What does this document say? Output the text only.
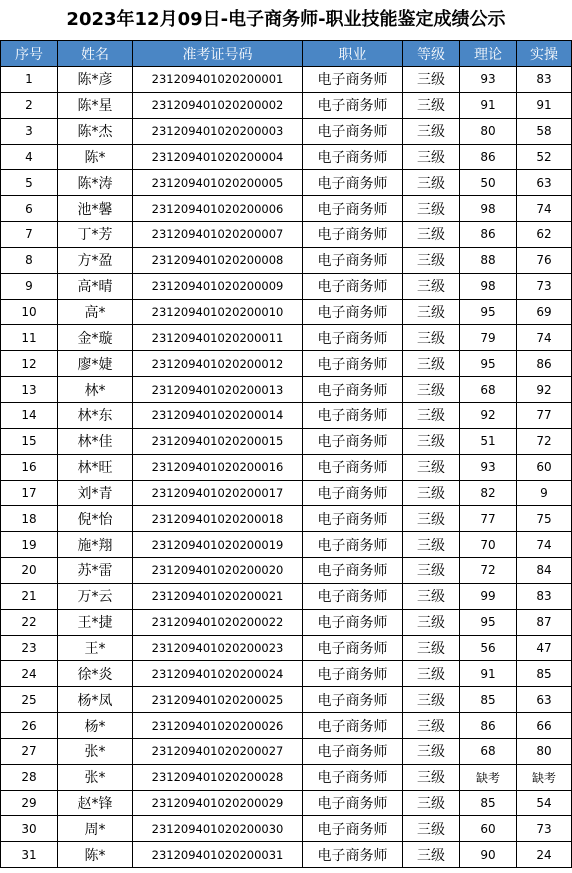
2023年12月09日-电子商务师-职业技能鉴定成绩公示
序号	姓名	准考证号码	职业	等级	理论	实操
1	陈*彦	231209401020200001	电子商务师	三级	93	83
2	陈*星	231209401020200002	电子商务师	三级	91	91
3	陈*杰	231209401020200003	电子商务师	三级	80	58
4	陈*	231209401020200004	电子商务师	三级	86	52
5	陈*涛	231209401020200005	电子商务师	三级	50	63
6	池*馨	231209401020200006	电子商务师	三级	98	74
7	丁*芳	231209401020200007	电子商务师	三级	86	62
8	方*盈	231209401020200008	电子商务师	三级	88	76
9	高*晴	231209401020200009	电子商务师	三级	98	73
10	高*	231209401020200010	电子商务师	三级	95	69
11	金*璇	231209401020200011	电子商务师	三级	79	74
12	廖*婕	231209401020200012	电子商务师	三级	95	86
13	林*	231209401020200013	电子商务师	三级	68	92
14	林*东	231209401020200014	电子商务师	三级	92	77
15	林*佳	231209401020200015	电子商务师	三级	51	72
16	林*旺	231209401020200016	电子商务师	三级	93	60
17	刘*青	231209401020200017	电子商务师	三级	82	9
18	倪*怡	231209401020200018	电子商务师	三级	77	75
19	施*翔	231209401020200019	电子商务师	三级	70	74
20	苏*雷	231209401020200020	电子商务师	三级	72	84
21	万*云	231209401020200021	电子商务师	三级	99	83
22	王*捷	231209401020200022	电子商务师	三级	95	87
23	王*	231209401020200023	电子商务师	三级	56	47
24	徐*炎	231209401020200024	电子商务师	三级	91	85
25	杨*凤	231209401020200025	电子商务师	三级	85	63
26	杨*	231209401020200026	电子商务师	三级	86	66
27	张*	231209401020200027	电子商务师	三级	68	80
28	张*	231209401020200028	电子商务师	三级	缺考	缺考
29	赵*锋	231209401020200029	电子商务师	三级	85	54
30	周*	231209401020200030	电子商务师	三级	60	73
31	陈*	231209401020200031	电子商务师	三级	90	24
